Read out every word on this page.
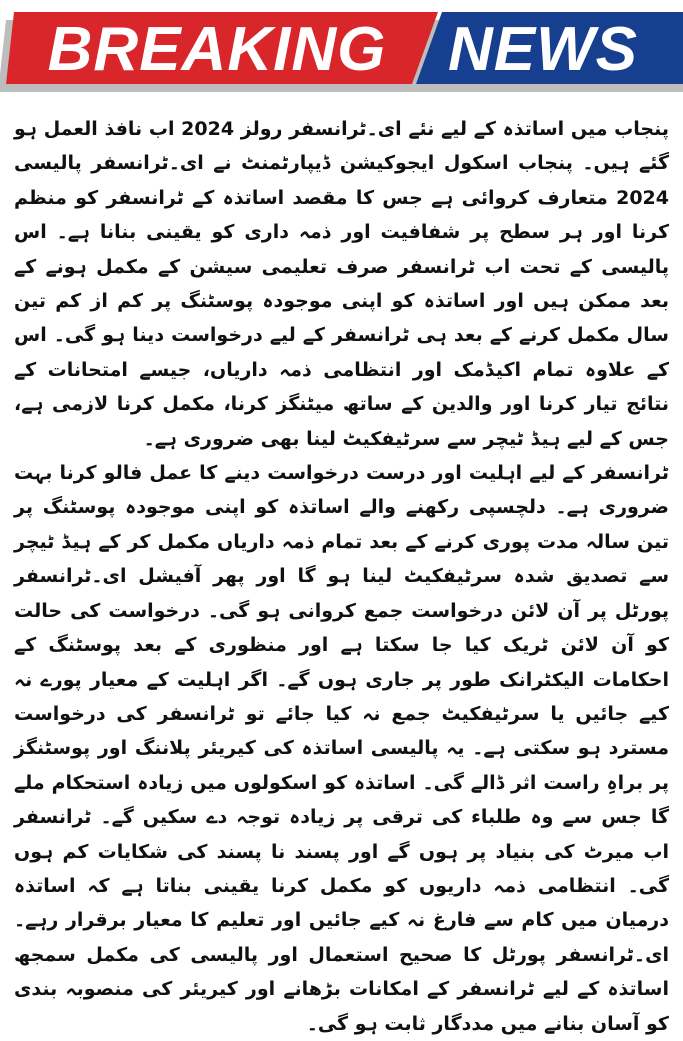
BREAKING NEWS

پنجاب میں اساتذہ کے لیے نئے ای۔ٹرانسفر رولز 2024 اب نافذ العمل ہو گئے ہیں۔ پنجاب اسکول ایجوکیشن ڈیپارٹمنٹ نے ای۔ٹرانسفر پالیسی 2024 متعارف کروائی ہے جس کا مقصد اساتذہ کے ٹرانسفر کو منظم کرنا اور ہر سطح پر شفافیت اور ذمہ داری کو یقینی بنانا ہے۔ اس پالیسی کے تحت اب ٹرانسفر صرف تعلیمی سیشن کے مکمل ہونے کے بعد ممکن ہیں اور اساتذہ کو اپنی موجودہ پوسٹنگ پر کم از کم تین سال مکمل کرنے کے بعد ہی ٹرانسفر کے لیے درخواست دینا ہو گی۔ اس کے علاوہ تمام اکیڈمک اور انتظامی ذمہ داریاں، جیسے امتحانات کے نتائج تیار کرنا اور والدین کے ساتھ میٹنگز کرنا، مکمل کرنا لازمی ہے، جس کے لیے ہیڈ ٹیچر سے سرٹیفکیٹ لینا بھی ضروری ہے۔

ٹرانسفر کے لیے اہلیت اور درست درخواست دینے کا عمل فالو کرنا بہت ضروری ہے۔ دلچسپی رکھنے والے اساتذہ کو اپنی موجودہ پوسٹنگ پر تین سالہ مدت پوری کرنے کے بعد تمام ذمہ داریاں مکمل کر کے ہیڈ ٹیچر سے تصدیق شدہ سرٹیفکیٹ لینا ہو گا اور پھر آفیشل ای۔ٹرانسفر پورٹل پر آن لائن درخواست جمع کروانی ہو گی۔ درخواست کی حالت کو آن لائن ٹریک کیا جا سکتا ہے اور منظوری کے بعد پوسٹنگ کے احکامات الیکٹرانک طور پر جاری ہوں گے۔ اگر اہلیت کے معیار پورے نہ کیے جائیں یا سرٹیفکیٹ جمع نہ کیا جائے تو ٹرانسفر کی درخواست مسترد ہو سکتی ہے۔ یہ پالیسی اساتذہ کی کیریئر پلاننگ اور پوسٹنگز پر براہِ راست اثر ڈالے گی۔ اساتذہ کو اسکولوں میں زیادہ استحکام ملے گا جس سے وہ طلباء کی ترقی پر زیادہ توجہ دے سکیں گے۔ ٹرانسفر اب میرٹ کی بنیاد پر ہوں گے اور پسند نا پسند کی شکایات کم ہوں گی۔ انتظامی ذمہ داریوں کو مکمل کرنا یقینی بناتا ہے کہ اساتذہ درمیان میں کام سے فارغ نہ کیے جائیں اور تعلیم کا معیار برقرار رہے۔ ای۔ٹرانسفر پورٹل کا صحیح استعمال اور پالیسی کی مکمل سمجھ اساتذہ کے لیے ٹرانسفر کے امکانات بڑھانے اور کیریئر کی منصوبہ بندی کو آسان بنانے میں مددگار ثابت ہو گی۔
